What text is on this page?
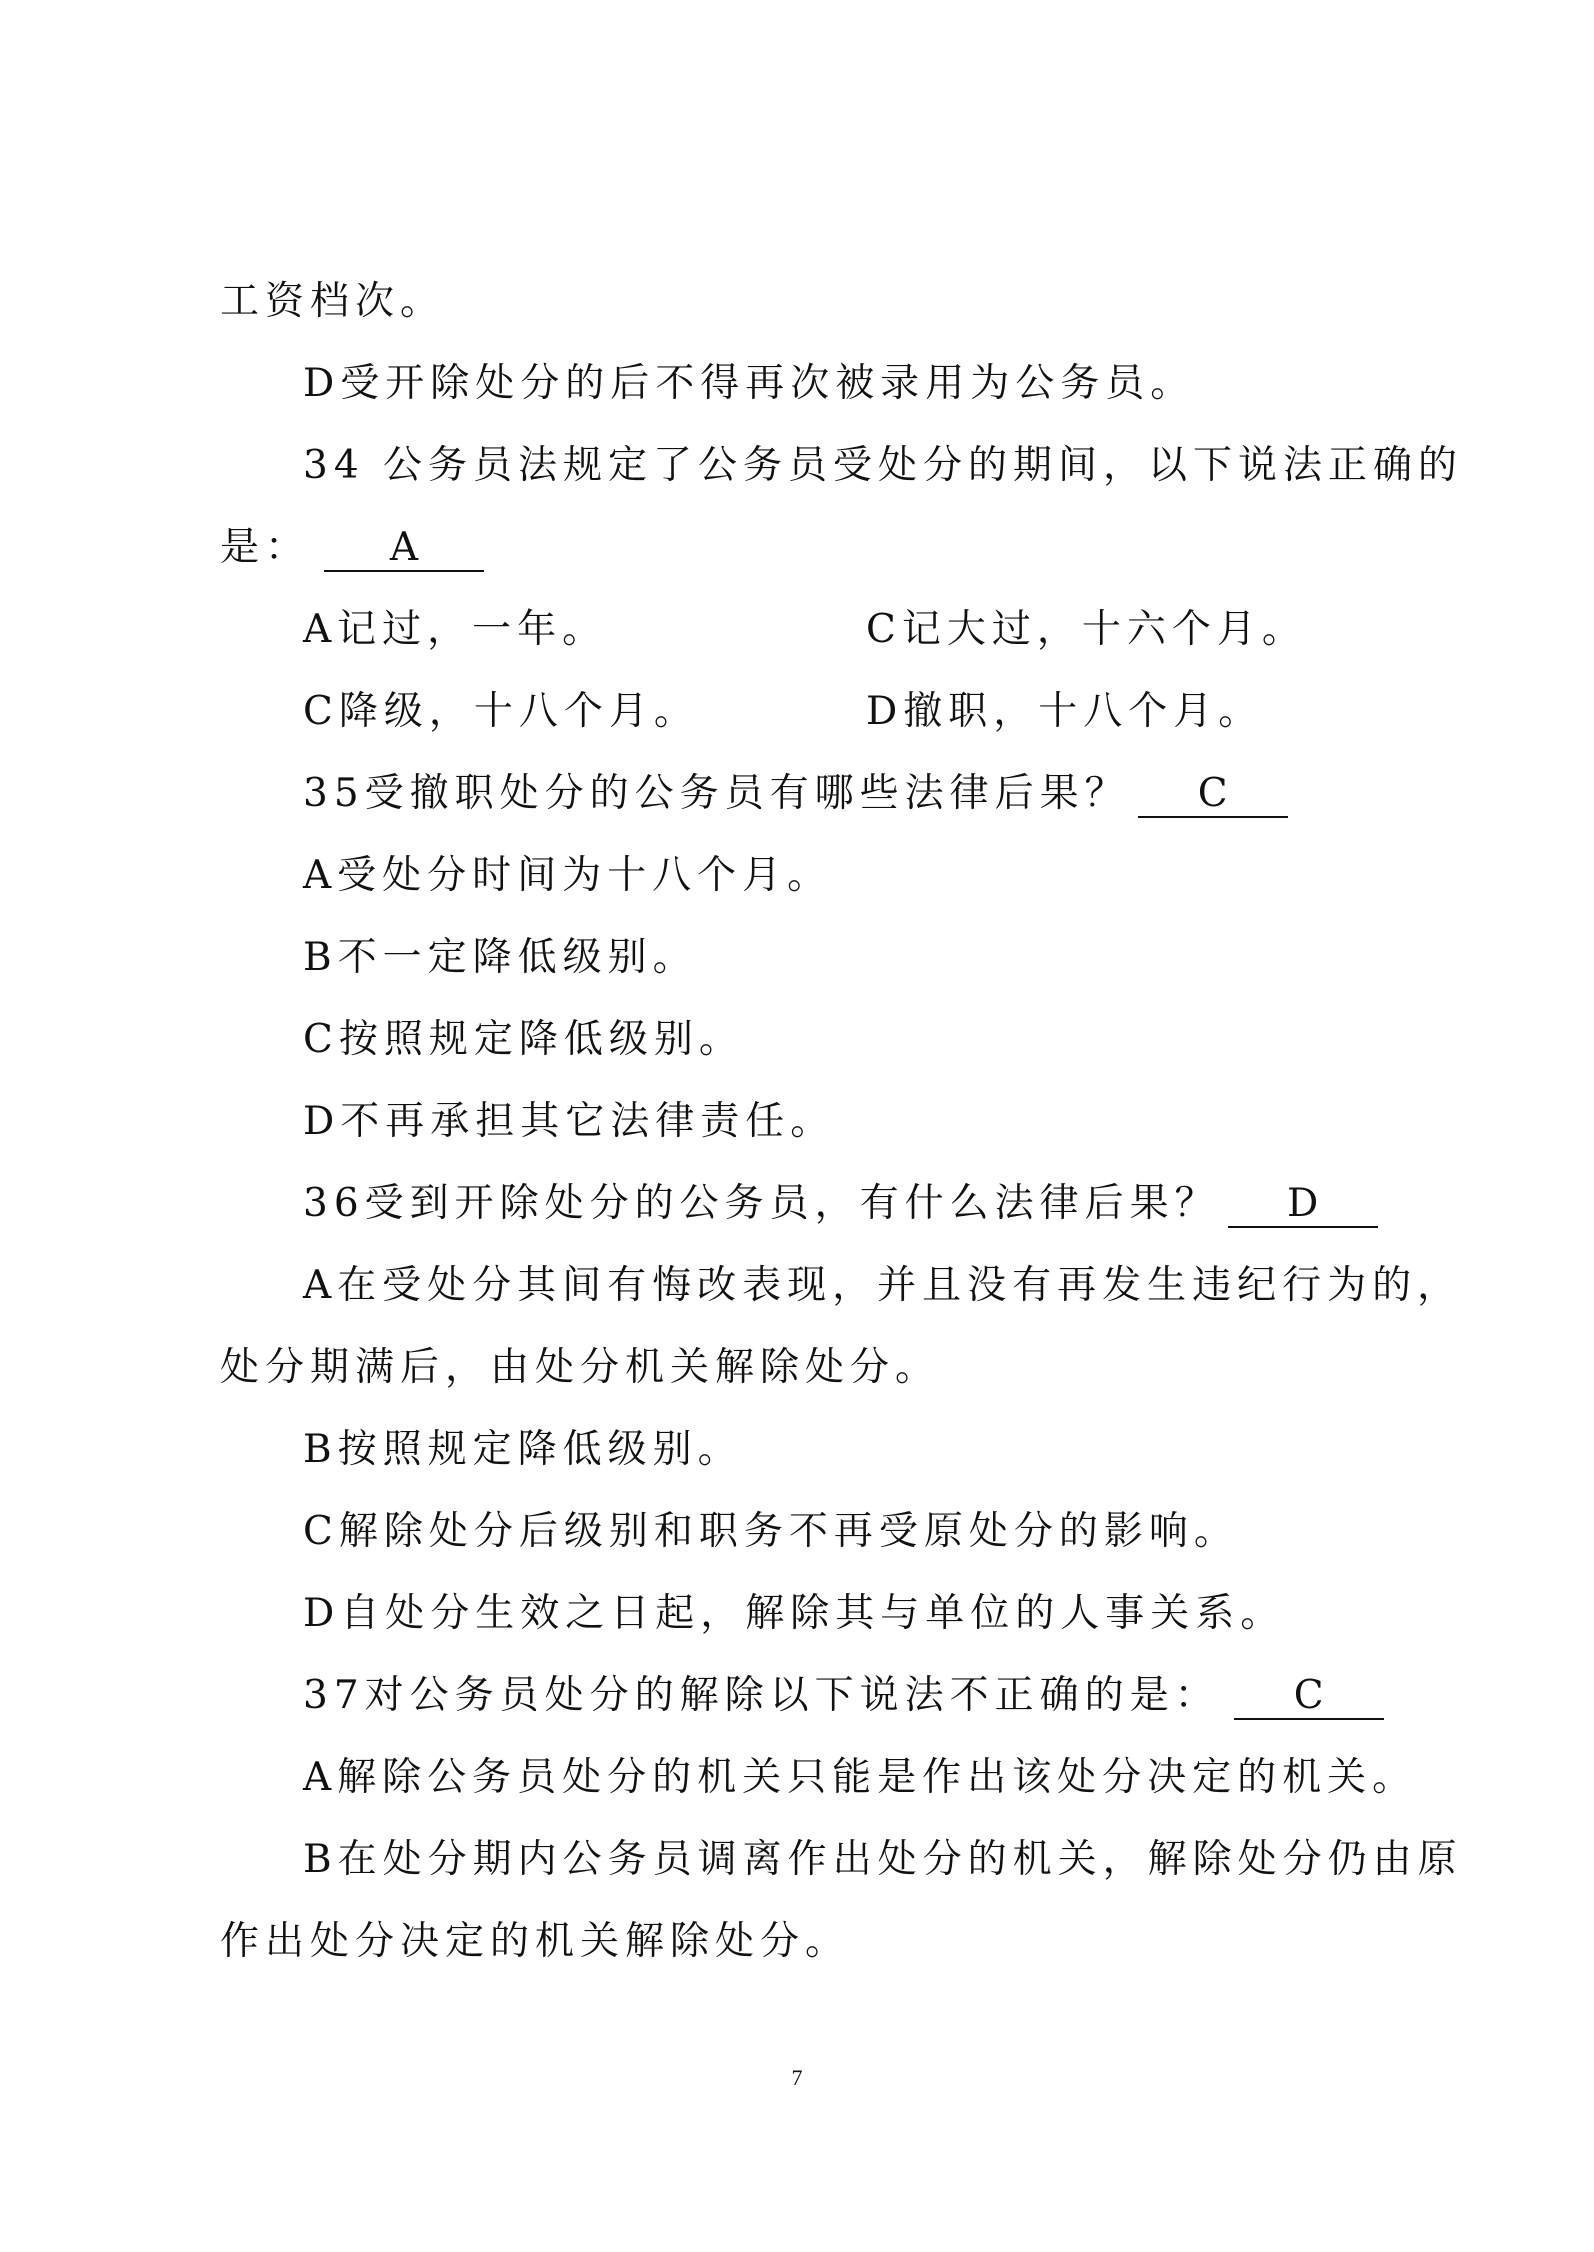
工资档次。
D受开除处分的后不得再次被录用为公务员。
34 公务员法规定了公务员受处分的期间，以下说法正确的
是： A
A记过，一年。	C记大过，十六个月。
C降级，十八个月。	D撤职，十八个月。
35受撤职处分的公务员有哪些法律后果？ C
A受处分时间为十八个月。
B不一定降低级别。
C按照规定降低级别。
D不再承担其它法律责任。
36受到开除处分的公务员，有什么法律后果？ D
A在受处分其间有悔改表现，并且没有再发生违纪行为的，
处分期满后，由处分机关解除处分。
B按照规定降低级别。
C解除处分后级别和职务不再受原处分的影响。
D自处分生效之日起，解除其与单位的人事关系。
37对公务员处分的解除以下说法不正确的是： C
A解除公务员处分的机关只能是作出该处分决定的机关。
B在处分期内公务员调离作出处分的机关，解除处分仍由原
作出处分决定的机关解除处分。
7
